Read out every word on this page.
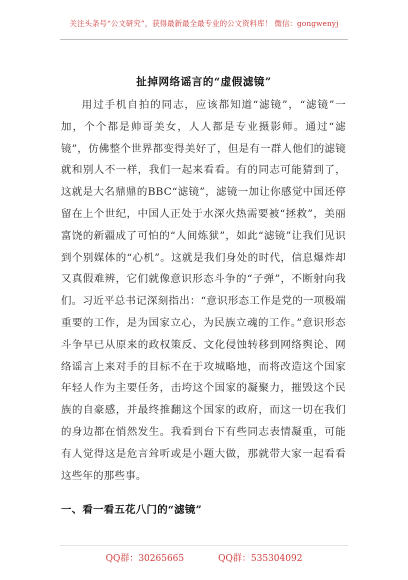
关注头条号“公文研究”，获得最新最全最专业的公文资料库！ 微信：gongwenyj
扯掉网络谣言的“虚假滤镜”

用过手机自拍的同志，应该都知道“滤镜”，“滤镜”一加，个个都是帅哥美女，人人都是专业摄影师。通过“滤镜”，仿佛整个世界都变得美好了，但是有一群人他们的滤镜就和别人不一样，我们一起来看看。有的同志可能猜到了，这就是大名鼎鼎的BBC“滤镜”，滤镜一加让你感觉中国还停留在上个世纪，中国人正处于水深火热需要被“拯救”，美丽富饶的新疆成了可怕的“人间炼狱”，如此“滤镜”让我们见识到个别媒体的“心机”。这就是我们身处的时代，信息爆炸却又真假难辨，它们就像意识形态斗争的“子弹”，不断射向我们。习近平总书记深刻指出：“意识形态工作是党的一项极端重要的工作，是为国家立心，为民族立魂的工作。”意识形态斗争早已从原来的政权策反、文化侵蚀转移到网络舆论、网络谣言上来对手的目标不在于攻城略地，而将改造这个国家年轻人作为主要任务，击垮这个国家的凝聚力，摧毁这个民族的自豪感，并最终推翻这个国家的政府，而这一切在我们的身边都在悄然发生。我看到台下有些同志表情凝重，可能有人觉得这是危言耸听或是小题大做，那就带大家一起看看这些年的那些事。

一、看一看五花八门的“滤镜”
QQ群：30265665	QQ群：535304092
